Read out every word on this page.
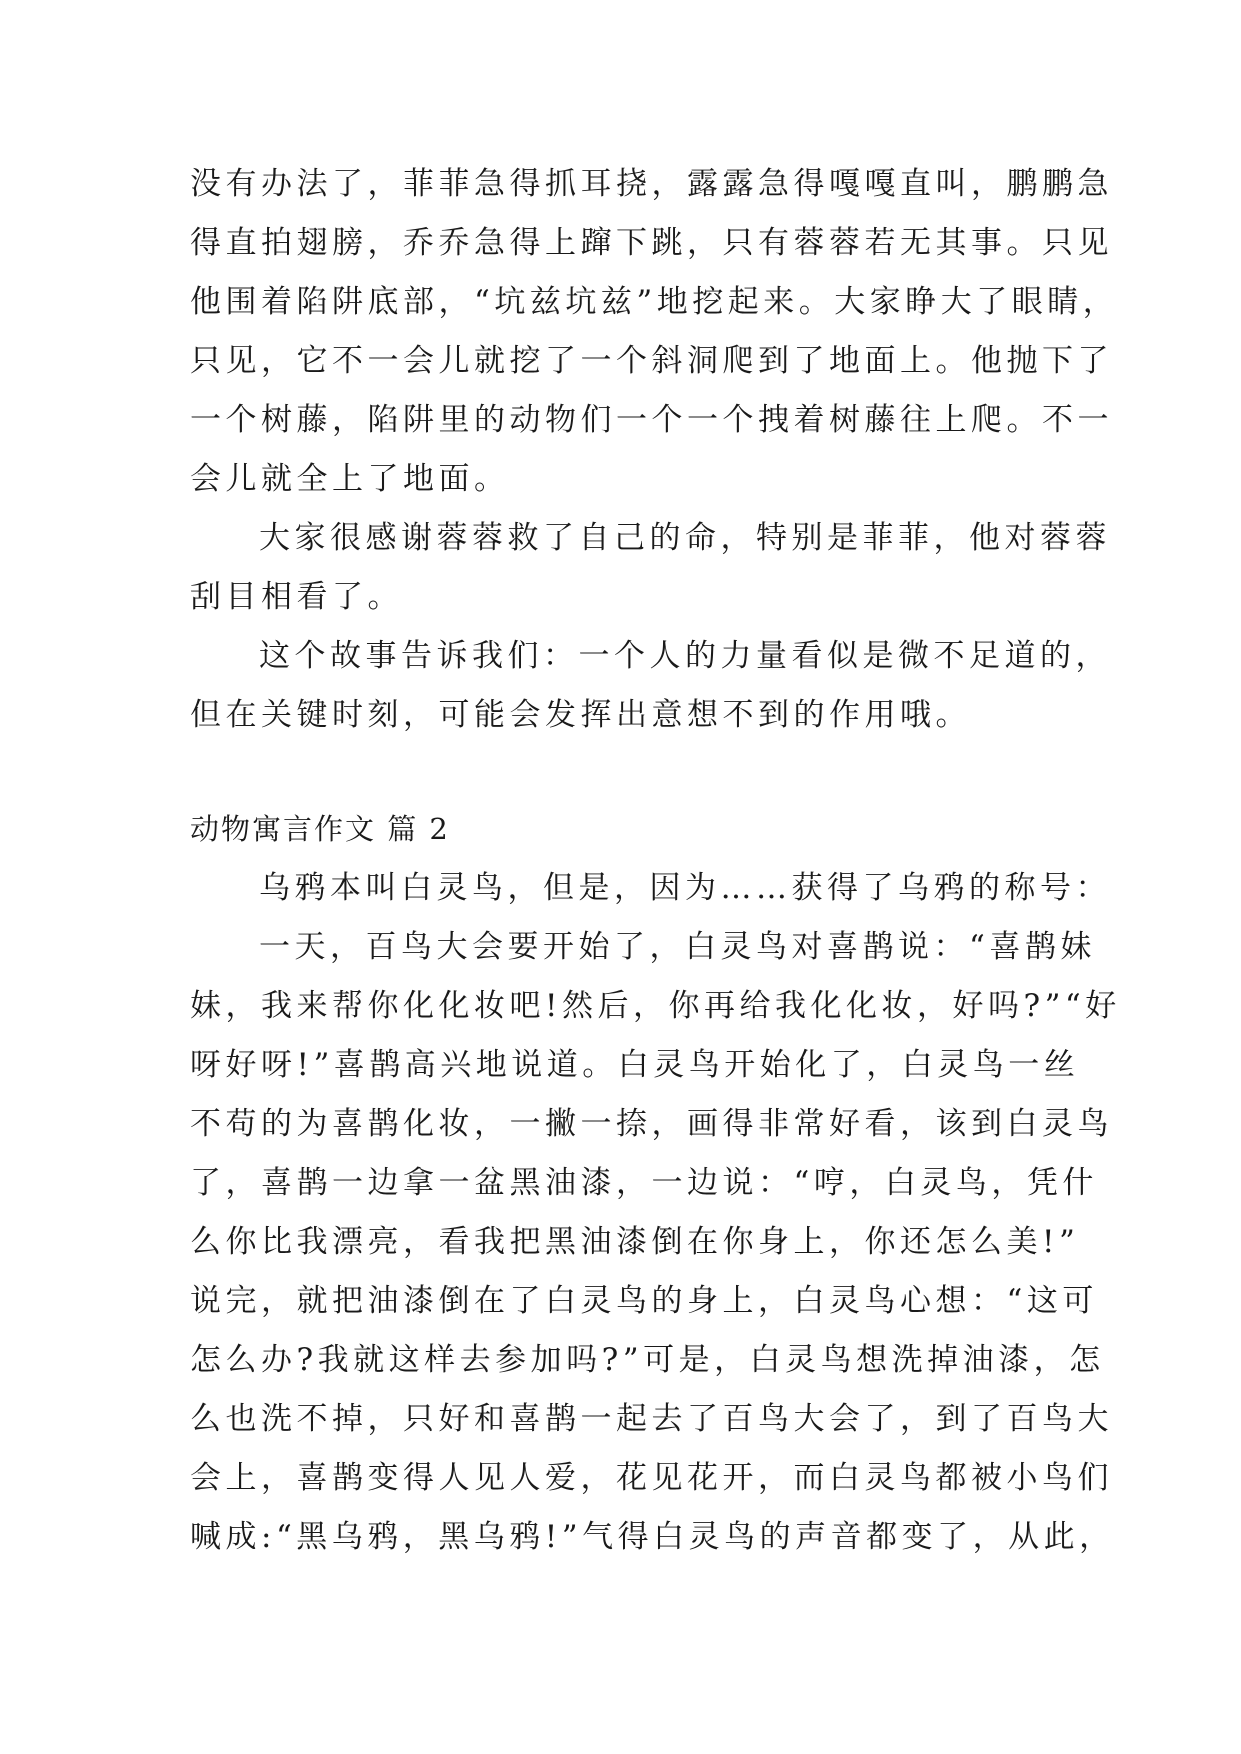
没有办法了，菲菲急得抓耳挠，露露急得嘎嘎直叫，鹏鹏急
得直拍翅膀，乔乔急得上蹿下跳，只有蓉蓉若无其事。只见
他围着陷阱底部，“坑兹坑兹”地挖起来。大家睁大了眼睛，
只见，它不一会儿就挖了一个斜洞爬到了地面上。他抛下了
一个树藤，陷阱里的动物们一个一个拽着树藤往上爬。不一
会儿就全上了地面。
大家很感谢蓉蓉救了自己的命，特别是菲菲，他对蓉蓉
刮目相看了。
这个故事告诉我们：一个人的力量看似是微不足道的，
但在关键时刻，可能会发挥出意想不到的作用哦。
动物寓言作文 篇 2
乌鸦本叫白灵鸟，但是，因为……获得了乌鸦的称号：
一天，百鸟大会要开始了，白灵鸟对喜鹊说：“喜鹊妹
妹，我来帮你化化妆吧!然后，你再给我化化妆，好吗?”“好
呀好呀!”喜鹊高兴地说道。白灵鸟开始化了，白灵鸟一丝
不苟的为喜鹊化妆，一撇一捺，画得非常好看，该到白灵鸟
了，喜鹊一边拿一盆黑油漆，一边说：“哼，白灵鸟，凭什
么你比我漂亮，看我把黑油漆倒在你身上，你还怎么美!”
说完，就把油漆倒在了白灵鸟的身上，白灵鸟心想：“这可
怎么办?我就这样去参加吗?”可是，白灵鸟想洗掉油漆，怎
么也洗不掉，只好和喜鹊一起去了百鸟大会了，到了百鸟大
会上，喜鹊变得人见人爱，花见花开，而白灵鸟都被小鸟们
喊成:“黑乌鸦，黑乌鸦!”气得白灵鸟的声音都变了，从此，
